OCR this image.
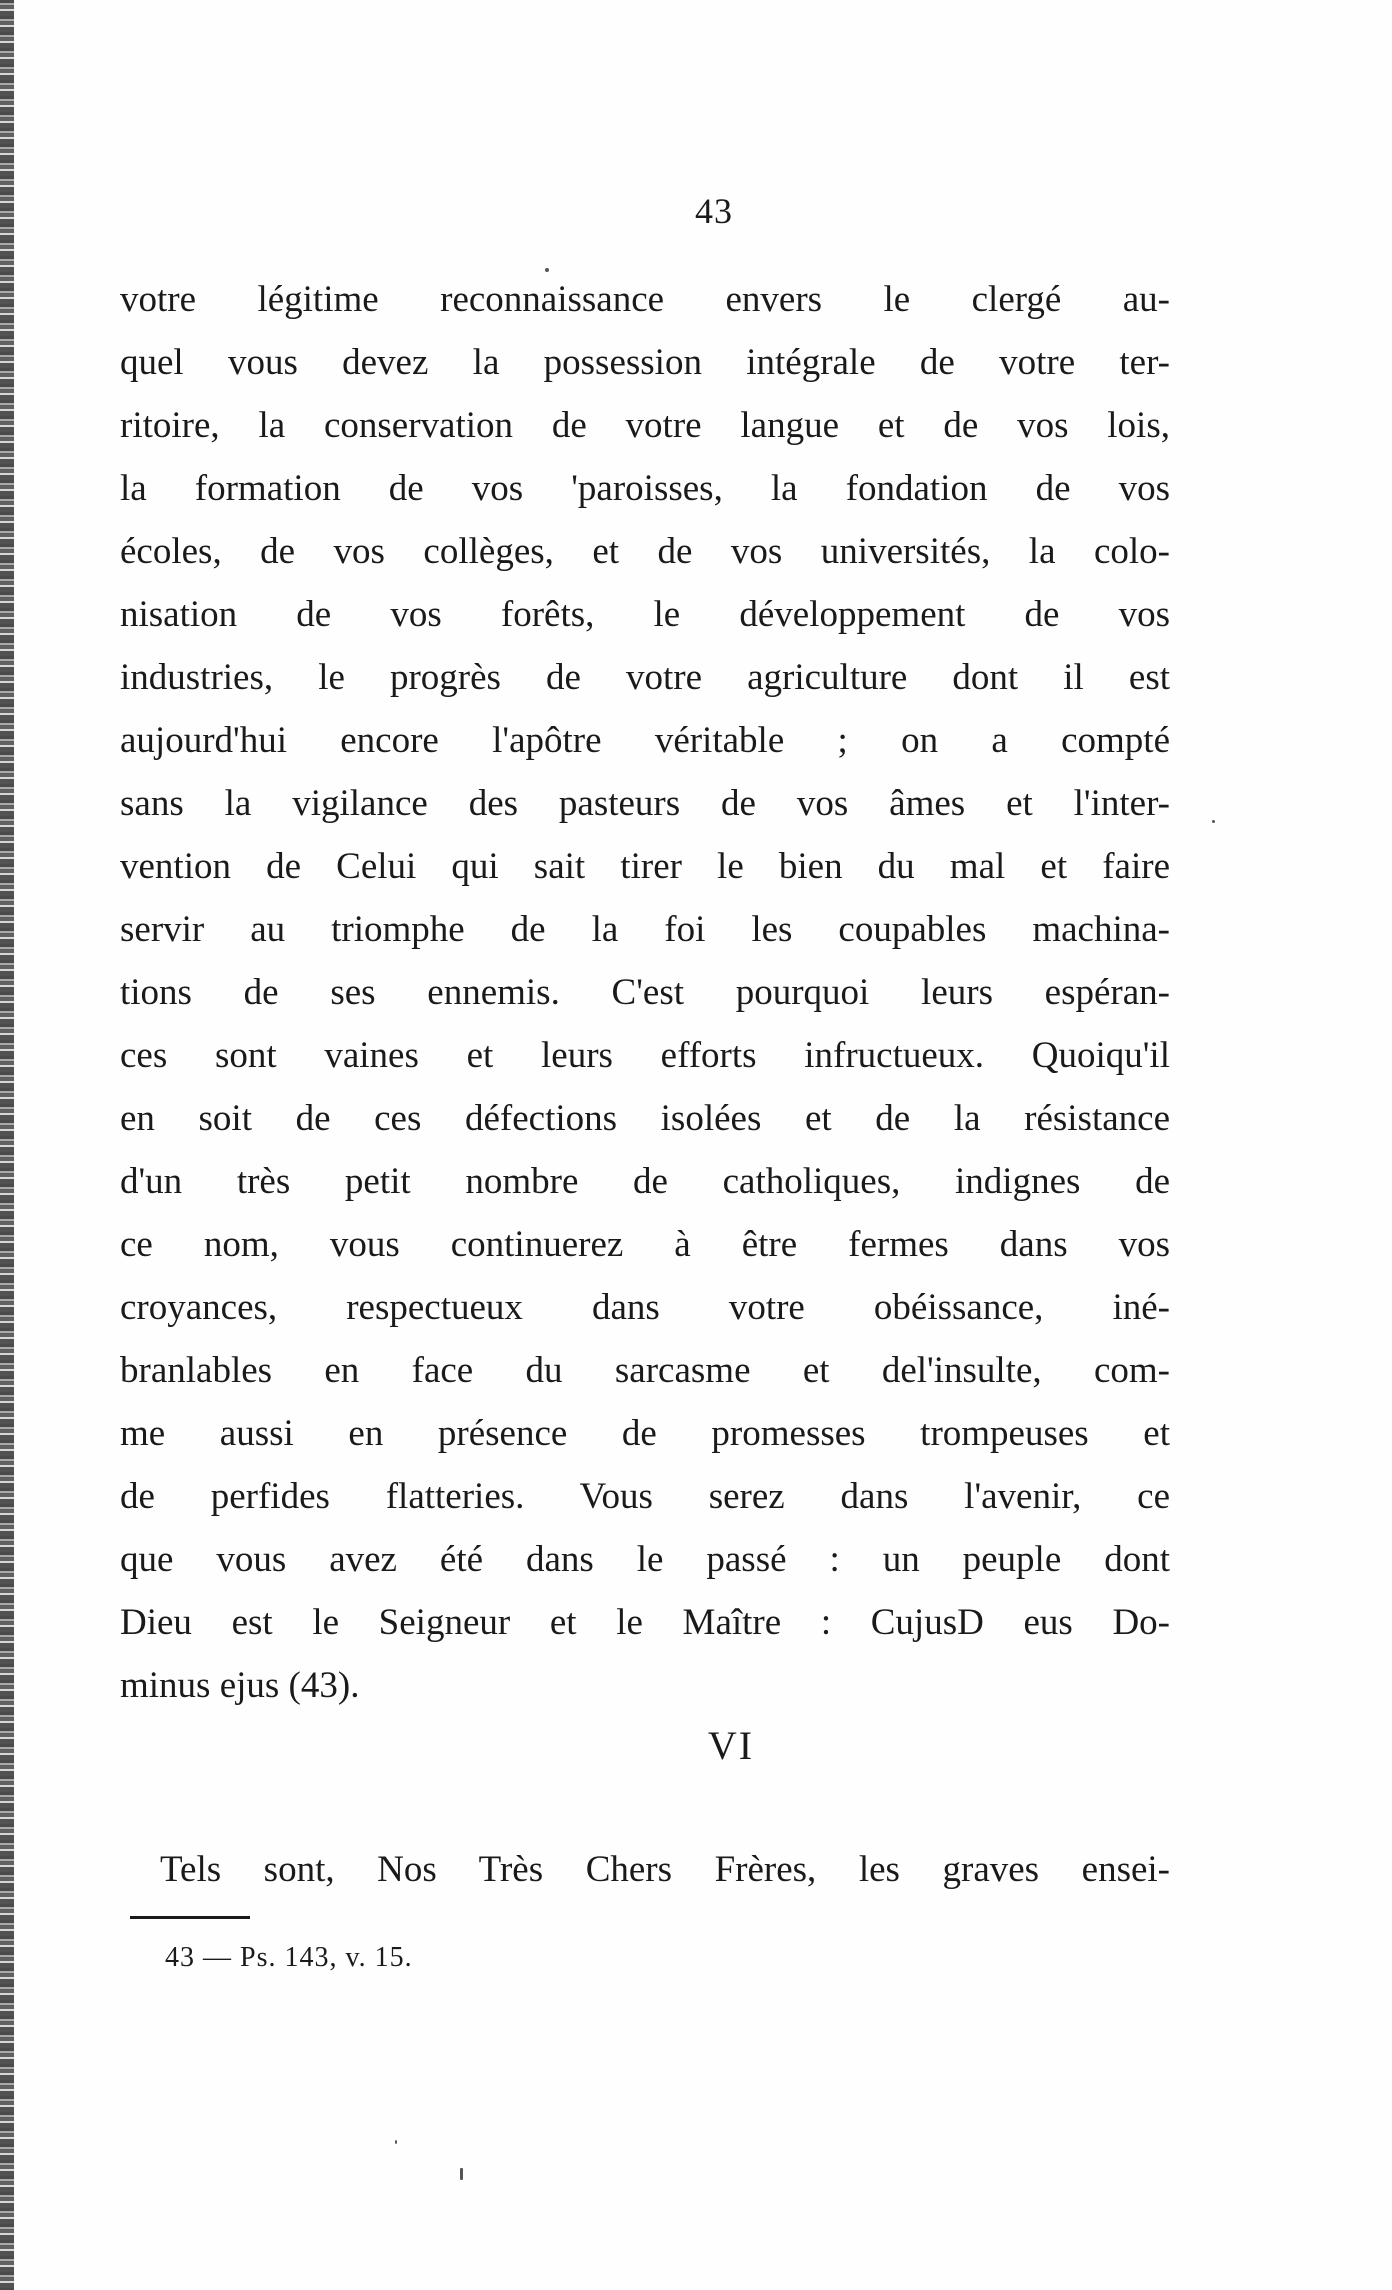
43
votre légitime reconnaissance envers le clergé au-
quel vous devez la possession intégrale de votre ter-
ritoire, la conservation de votre langue et de vos lois,
la formation de vos 'paroisses, la fondation de vos
écoles, de vos collèges, et de vos universités, la colo-
nisation de vos forêts, le développement de vos
industries, le progrès de votre agriculture dont il est
aujourd'hui encore l'apôtre véritable ; on a compté
sans la vigilance des pasteurs de vos âmes et l'inter-
vention de Celui qui sait tirer le bien du mal et faire
servir au triomphe de la foi les coupables machina-
tions de ses ennemis. C'est pourquoi leurs espéran-
ces sont vaines et leurs efforts infructueux. Quoiqu'il
en soit de ces défections isolées et de la résistance
d'un très petit nombre de catholiques, indignes de
ce nom, vous continuerez à être fermes dans vos
croyances, respectueux dans votre obéissance, iné-
branlables en face du sarcasme et del'insulte, com-
me aussi en présence de promesses trompeuses et
de perfides flatteries. Vous serez dans l'avenir, ce
que vous avez été dans le passé : un peuple dont
Dieu est le Seigneur et le Maître : CujusD eus Do-
minus ejus (43).
VI
Tels sont, Nos Très Chers Frères, les graves ensei-
43 — Ps. 143, v. 15.
